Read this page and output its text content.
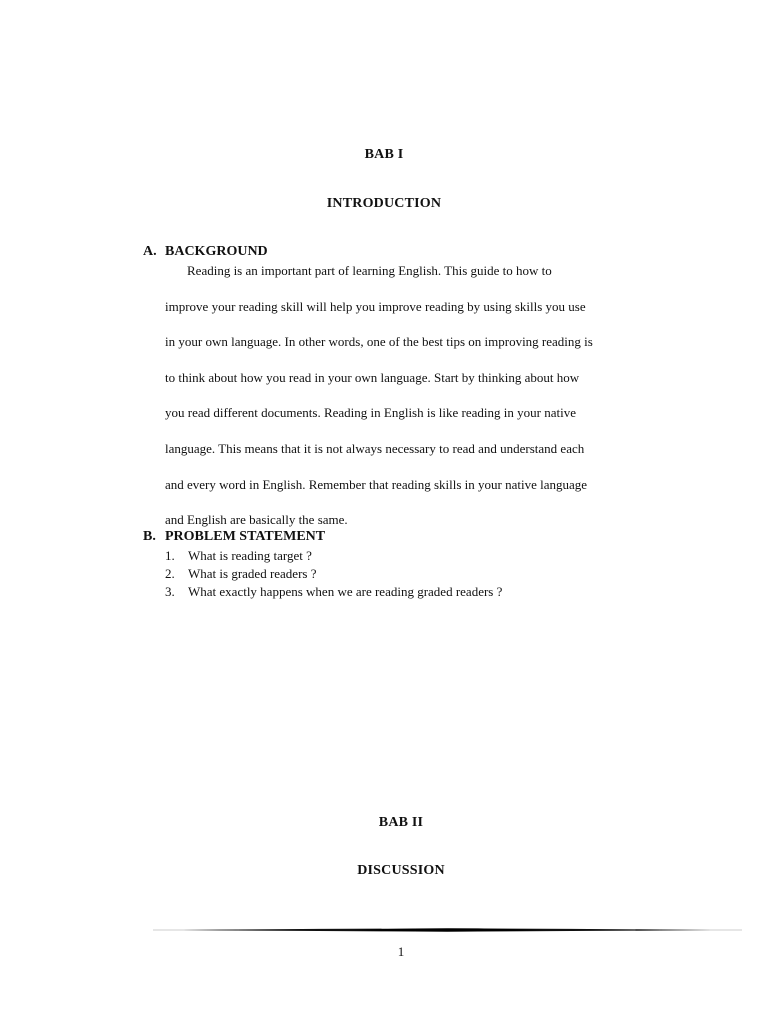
BAB I
INTRODUCTION
A. BACKGROUND
Reading is an important part of learning English. This guide to how to
improve your reading skill will help you improve reading by using skills you use
in your own language. In other words, one of the best tips on improving reading is
to think about how you read in your own language. Start by thinking about how
you read different documents. Reading in English is like reading in your native
language. This means that it is not always necessary to read and understand each
and every word in English. Remember that reading skills in your native language
and English are basically the same.
B. PROBLEM STATEMENT
1. What is reading target ?
2. What is graded readers ?
3. What exactly happens when we are reading graded readers ?
BAB II
DISCUSSION
1
